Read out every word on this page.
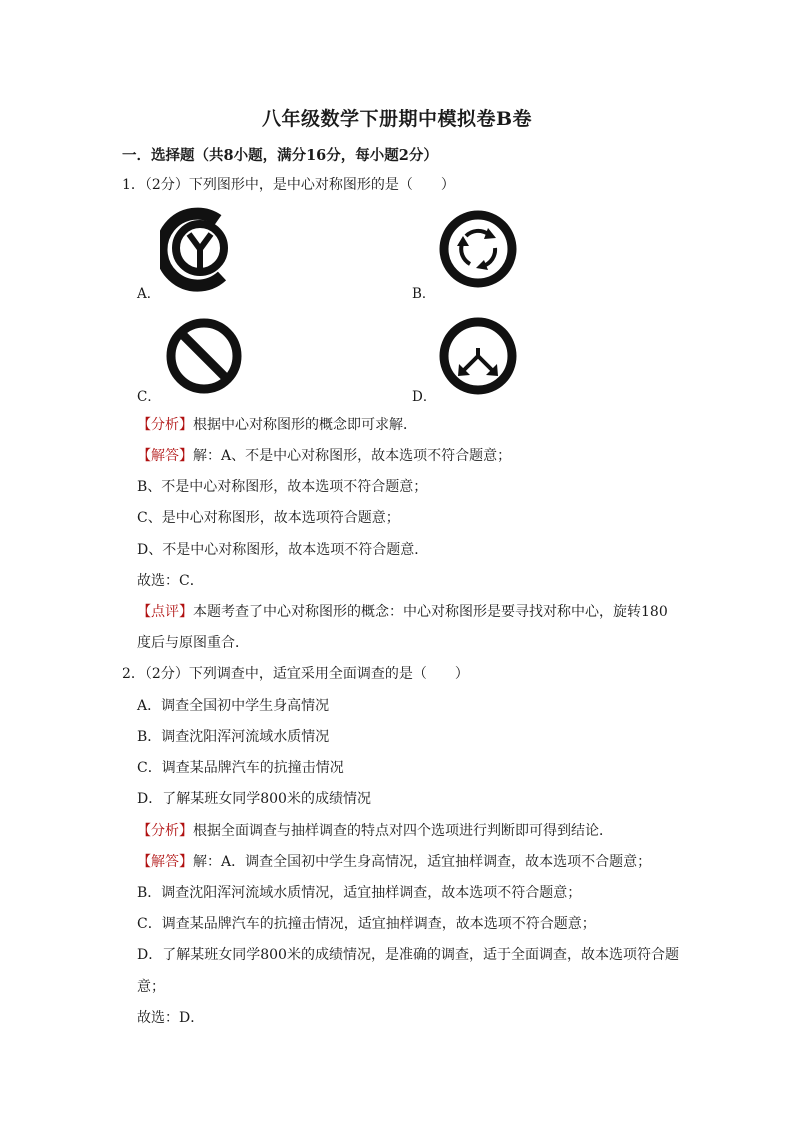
八年级数学下册期中模拟卷B卷
一．选择题（共8小题，满分16分，每小题2分）
1．（2分）下列图形中，是中心对称图形的是（　　）
A．	B．
C．	D．
【分析】根据中心对称图形的概念即可求解．
【解答】解：A、不是中心对称图形，故本选项不符合题意；
B、不是中心对称图形，故本选项不符合题意；
C、是中心对称图形，故本选项符合题意；
D、不是中心对称图形，故本选项不符合题意．
故选：C．
【点评】本题考查了中心对称图形的概念：中心对称图形是要寻找对称中心，旋转180
度后与原图重合．
2．（2分）下列调查中，适宜采用全面调查的是（　　）
A．调查全国初中学生身高情况
B．调查沈阳浑河流域水质情况
C．调查某品牌汽车的抗撞击情况
D．了解某班女同学800米的成绩情况
【分析】根据全面调查与抽样调查的特点对四个选项进行判断即可得到结论．
【解答】解：A．调查全国初中学生身高情况，适宜抽样调查，故本选项不合题意；
B．调查沈阳浑河流域水质情况，适宜抽样调查，故本选项不符合题意；
C．调查某品牌汽车的抗撞击情况，适宜抽样调查，故本选项不符合题意；
D．了解某班女同学800米的成绩情况，是准确的调查，适于全面调查，故本选项符合题
意；
故选：D．
